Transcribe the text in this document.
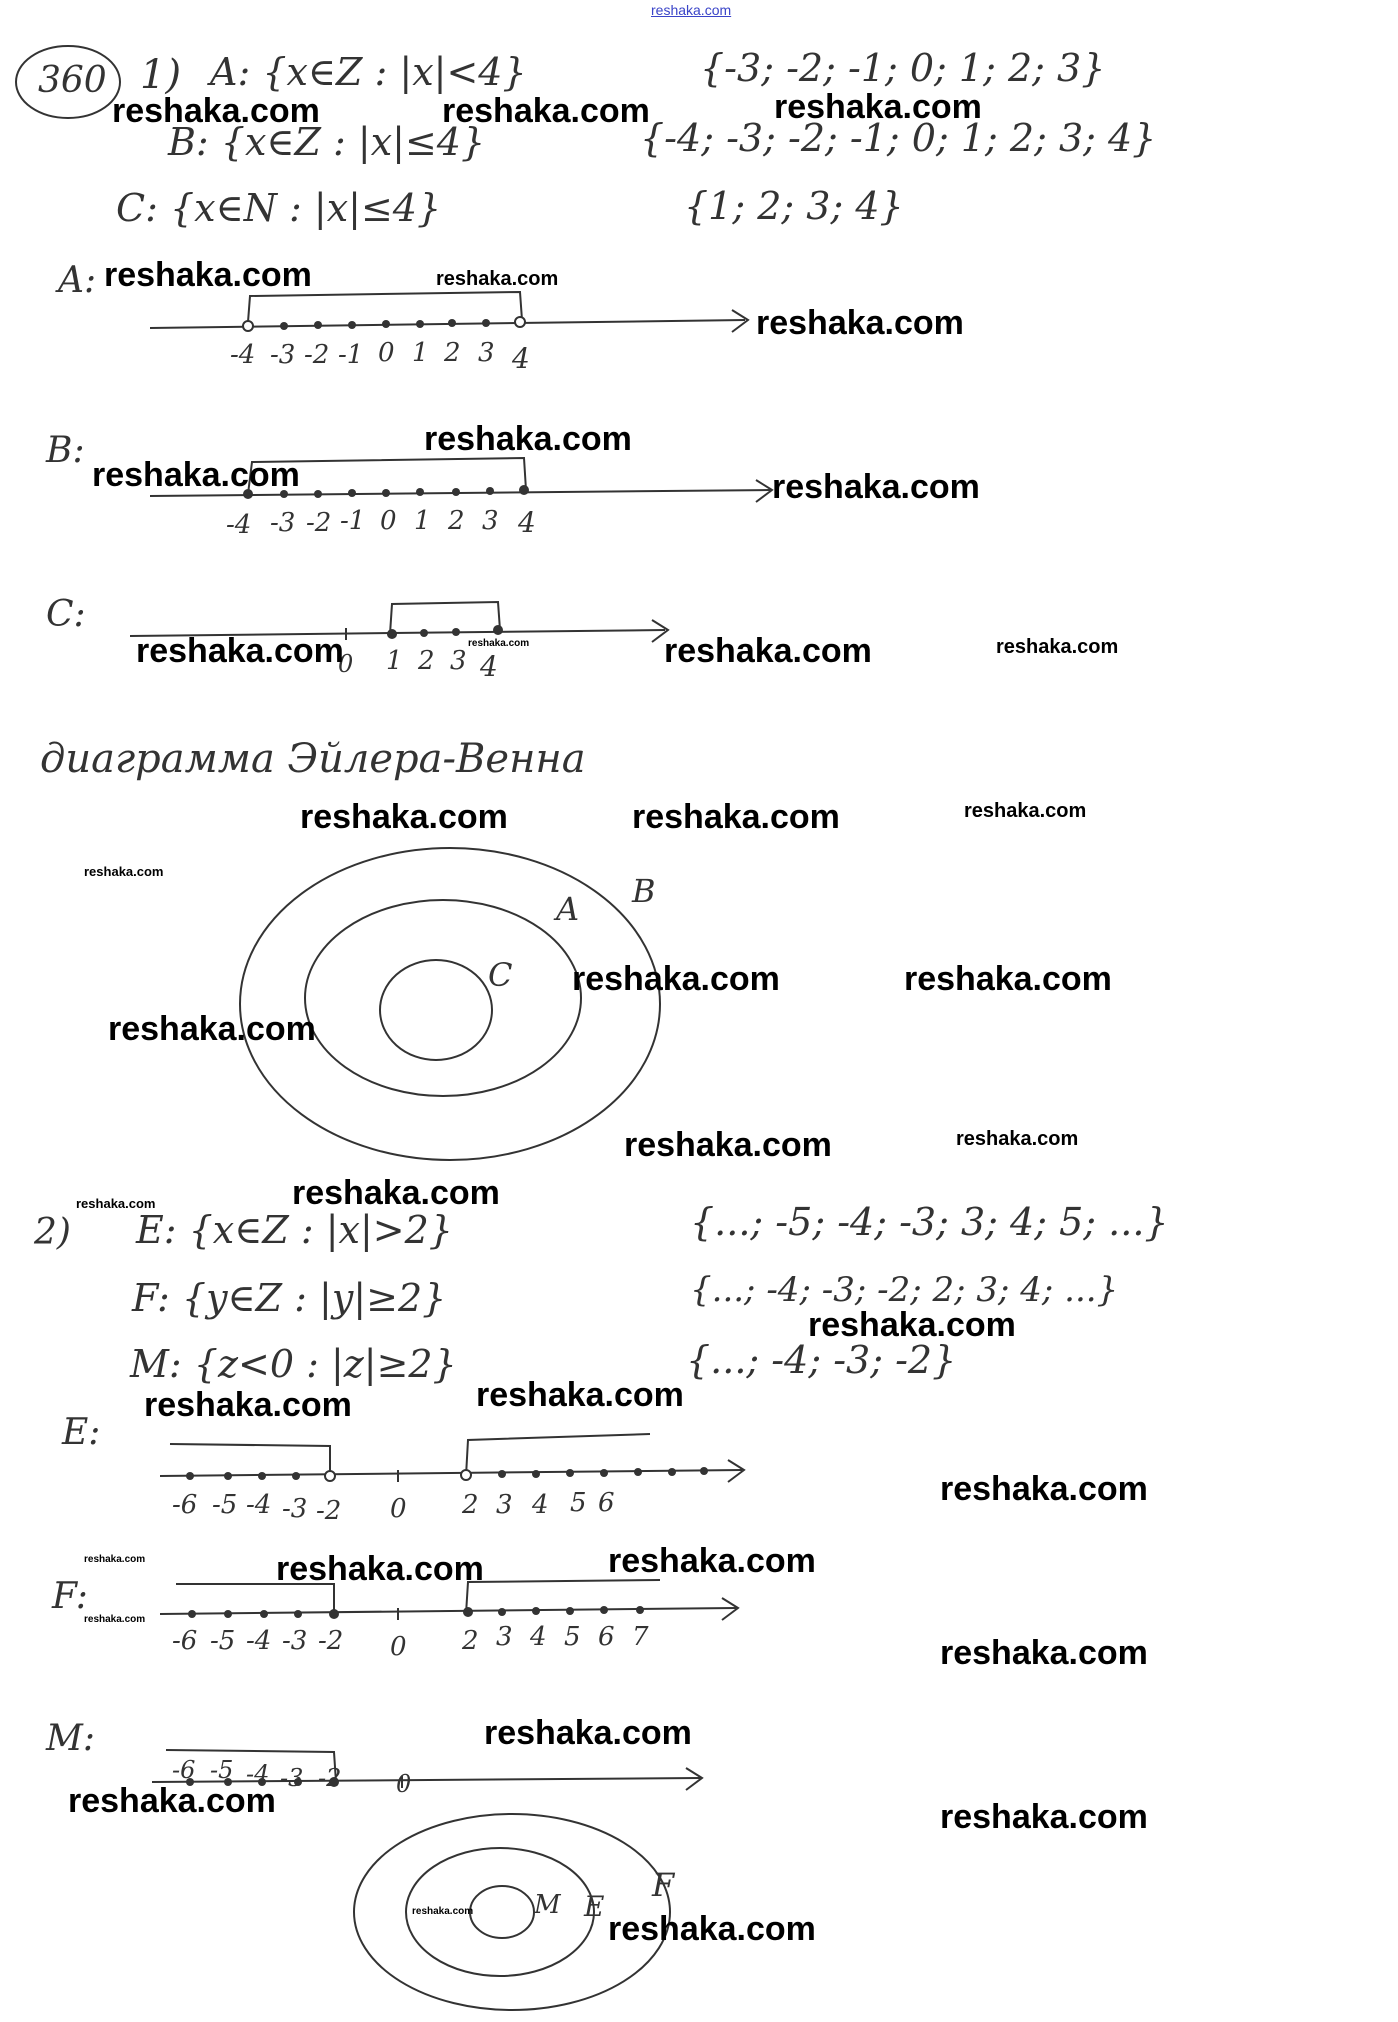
reshaka.com
360 1) A: {x∈Z : |x|<4}	{-3; -2; -1; 0; 1; 2; 3}
B: {x∈Z : |x|≤4}	{-4; -3; -2; -1; 0; 1; 2; 3; 4}
C: {x∈N : |x|≤4}	{1; 2; 3; 4}
A:
B:
C:
-4 -3 -2 -1 0 1 2 3 4
-4 -3 -2 -1 0 1 2 3 4
0 1 2 3 4
диаграмма Эйлера-Венна
C
A B
2) E: {x∈Z : |x|>2}	{...; -5; -4; -3; 3; 4; 5; ...}
F: {y∈Z : |y|≥2}	{...; -4; -3; -2; 2; 3; 4; ...}
M: {z<0 : |z|≥2}	{...; -4; -3; -2}
E:
F:
M:
-6 -5 -4 -3 -2 0 2 3 4 5 6
-6 -5 -4 -3 -2 0 2 3 4 5 6 7
-6 -5 -4 -3 -2 0
M E
F
reshaka.com	reshaka.com	reshaka.com
reshaka.com	reshaka.com
reshaka.com
reshaka.com
reshaka.com	reshaka.com
reshaka.com	reshaka.com	reshaka.com	reshaka.com
reshaka.com	reshaka.com	reshaka.com
reshaka.com
reshaka.com	reshaka.com
reshaka.com
reshaka.com	reshaka.com
reshaka.com
reshaka.com
reshaka.com
reshaka.com	reshaka.com
reshaka.com
reshaka.com	reshaka.com	reshaka.com
reshaka.com
reshaka.com
reshaka.com
reshaka.com	reshaka.com
reshaka.com	reshaka.com
